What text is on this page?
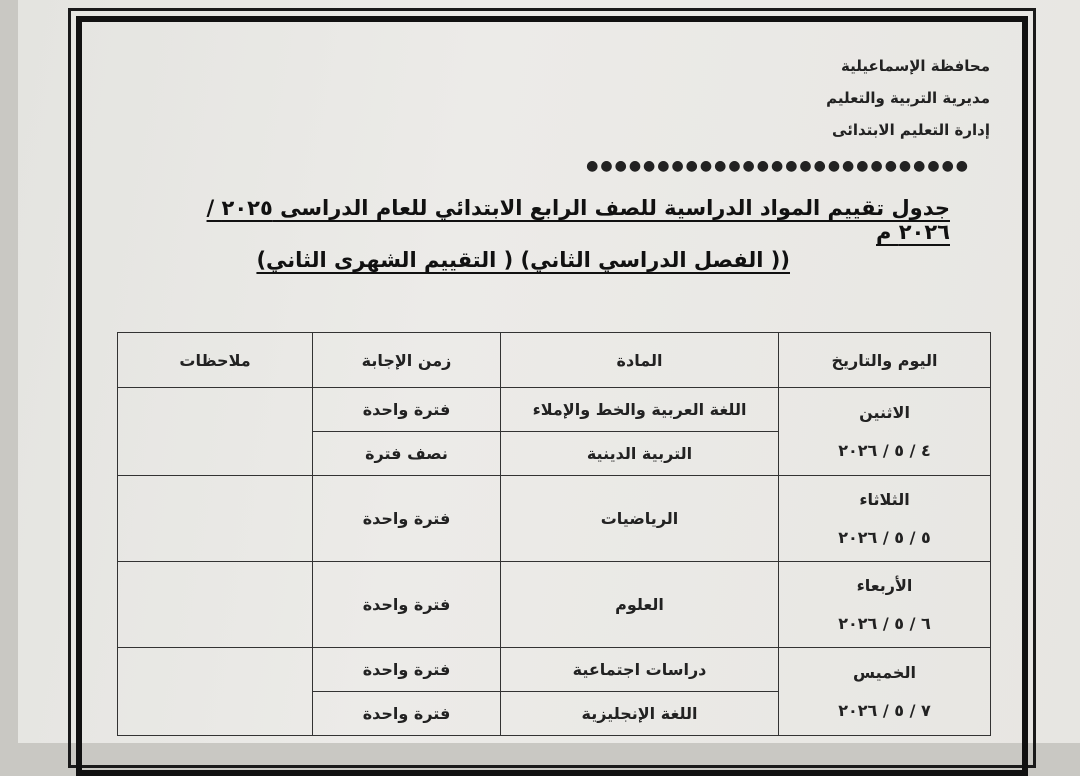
محافظة الإسماعيلية
مديرية التربية والتعليم
إدارة التعليم الابتدائى
●●●●●●●●●●●●●●●●●●●●●●●●●●●
جدول تقييم المواد الدراسية للصف الرابع الابتدائي للعام الدراسى ٢٠٢٥ / ٢٠٢٦ م
(( الفصل الدراسي الثاني) ( التقييم الشهرى الثاني)
اليوم والتاريخ	المادة	زمن الإجابة	ملاحظات
الاثنين
٤ / ٥ / ٢٠٢٦	اللغة العربية والخط والإملاء	فترة واحدة	
	التربية الدينية	نصف فترة	
الثلاثاء
٥ / ٥ / ٢٠٢٦	الرياضيات	فترة واحدة	
الأربعاء
٦ / ٥ / ٢٠٢٦	العلوم	فترة واحدة	
الخميس
٧ / ٥ / ٢٠٢٦	دراسات اجتماعية	فترة واحدة	
	اللغة الإنجليزية	فترة واحدة	
